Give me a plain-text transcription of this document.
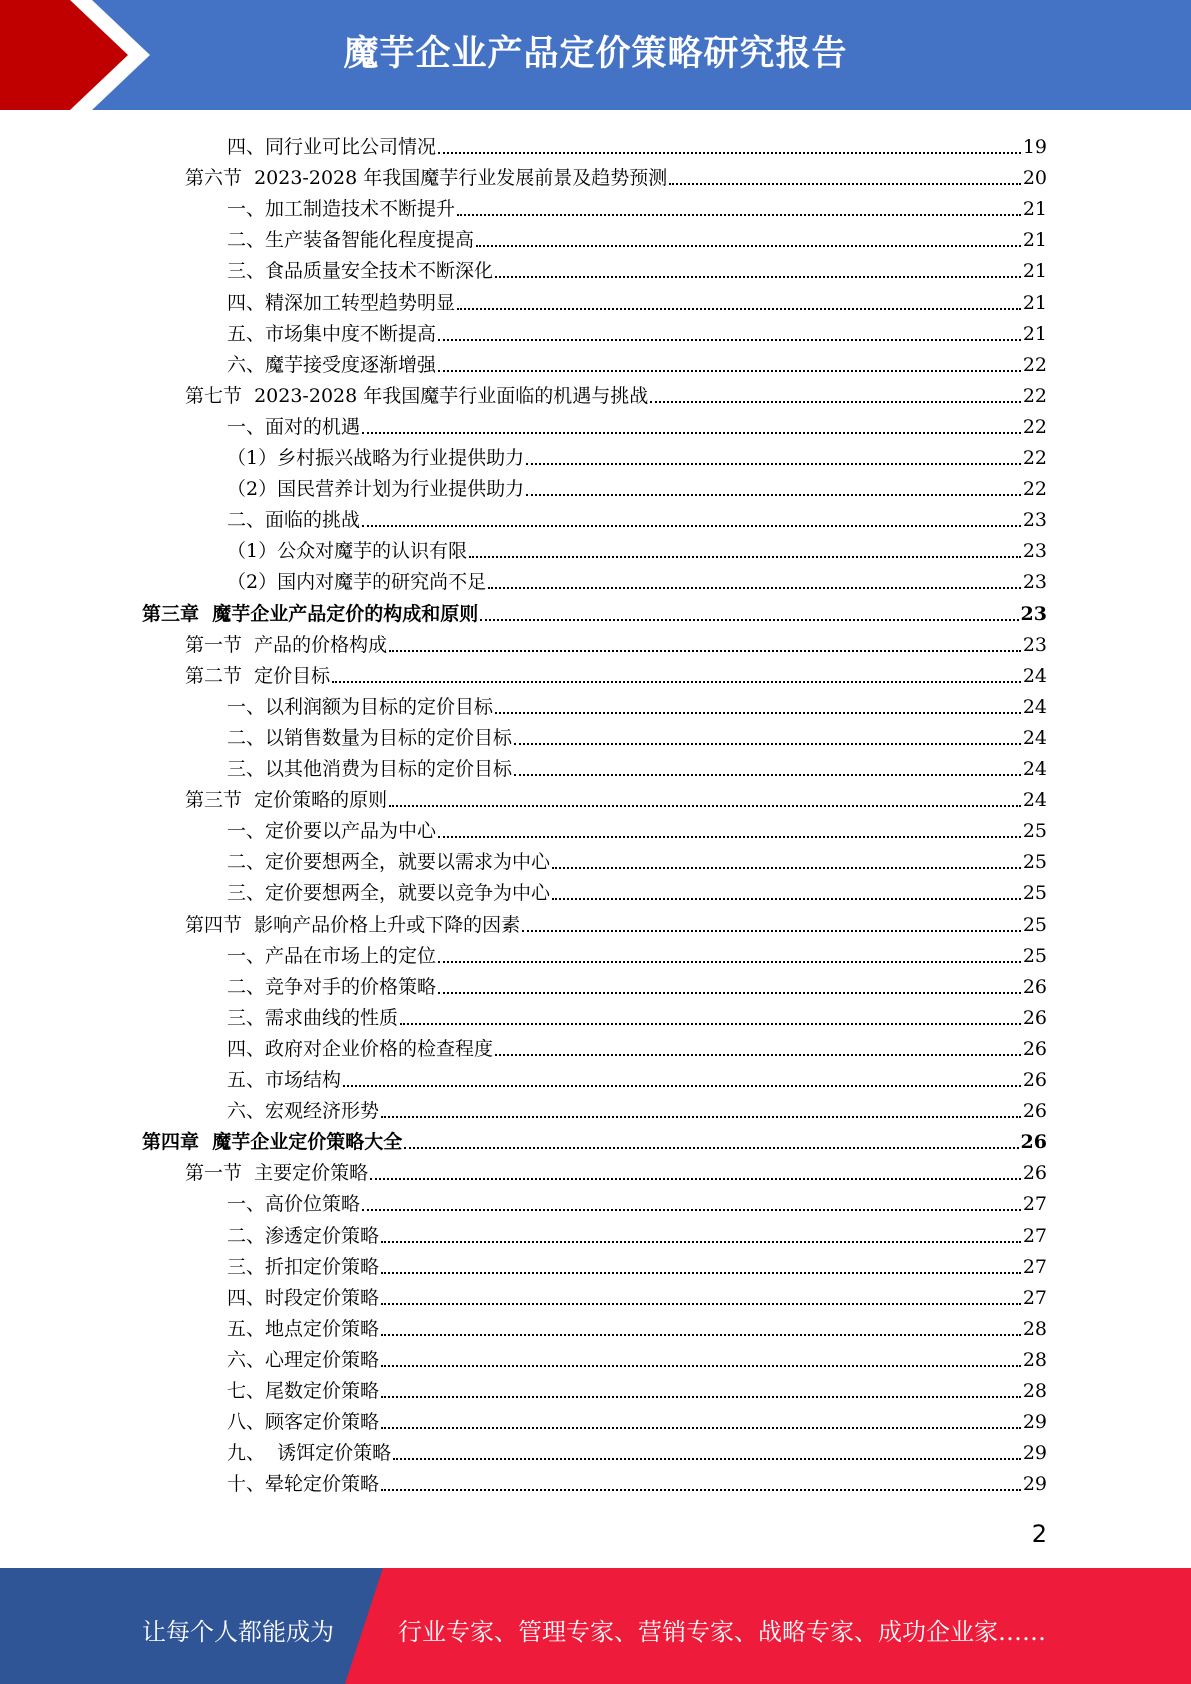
魔芋企业产品定价策略研究报告
四、同行业可比公司情况	19
第六节  2023-2028 年我国魔芋行业发展前景及趋势预测	20
一、加工制造技术不断提升	21
二、生产装备智能化程度提高	21
三、食品质量安全技术不断深化	21
四、精深加工转型趋势明显	21
五、市场集中度不断提高	21
六、魔芋接受度逐渐增强	22
第七节  2023-2028 年我国魔芋行业面临的机遇与挑战	22
一、面对的机遇	22
（1）乡村振兴战略为行业提供助力	22
（2）国民营养计划为行业提供助力	22
二、面临的挑战	23
（1）公众对魔芋的认识有限	23
（2）国内对魔芋的研究尚不足	23
第三章  魔芋企业产品定价的构成和原则	23
第一节  产品的价格构成	23
第二节  定价目标	24
一、以利润额为目标的定价目标	24
二、以销售数量为目标的定价目标	24
三、以其他消费为目标的定价目标	24
第三节  定价策略的原则	24
一、定价要以产品为中心	25
二、定价要想两全，就要以需求为中心	25
三、定价要想两全，就要以竞争为中心	25
第四节  影响产品价格上升或下降的因素	25
一、产品在市场上的定位	25
二、竞争对手的价格策略	26
三、需求曲线的性质	26
四、政府对企业价格的检查程度	26
五、市场结构	26
六、宏观经济形势	26
第四章  魔芋企业定价策略大全	26
第一节  主要定价策略	26
一、高价位策略	27
二、渗透定价策略	27
三、折扣定价策略	27
四、时段定价策略	27
五、地点定价策略	28
六、心理定价策略	28
七、尾数定价策略	28
八、顾客定价策略	29
九、  诱饵定价策略	29
十、晕轮定价策略	29
2
让每个人都能成为	行业专家、管理专家、营销专家、战略专家、成功企业家……
